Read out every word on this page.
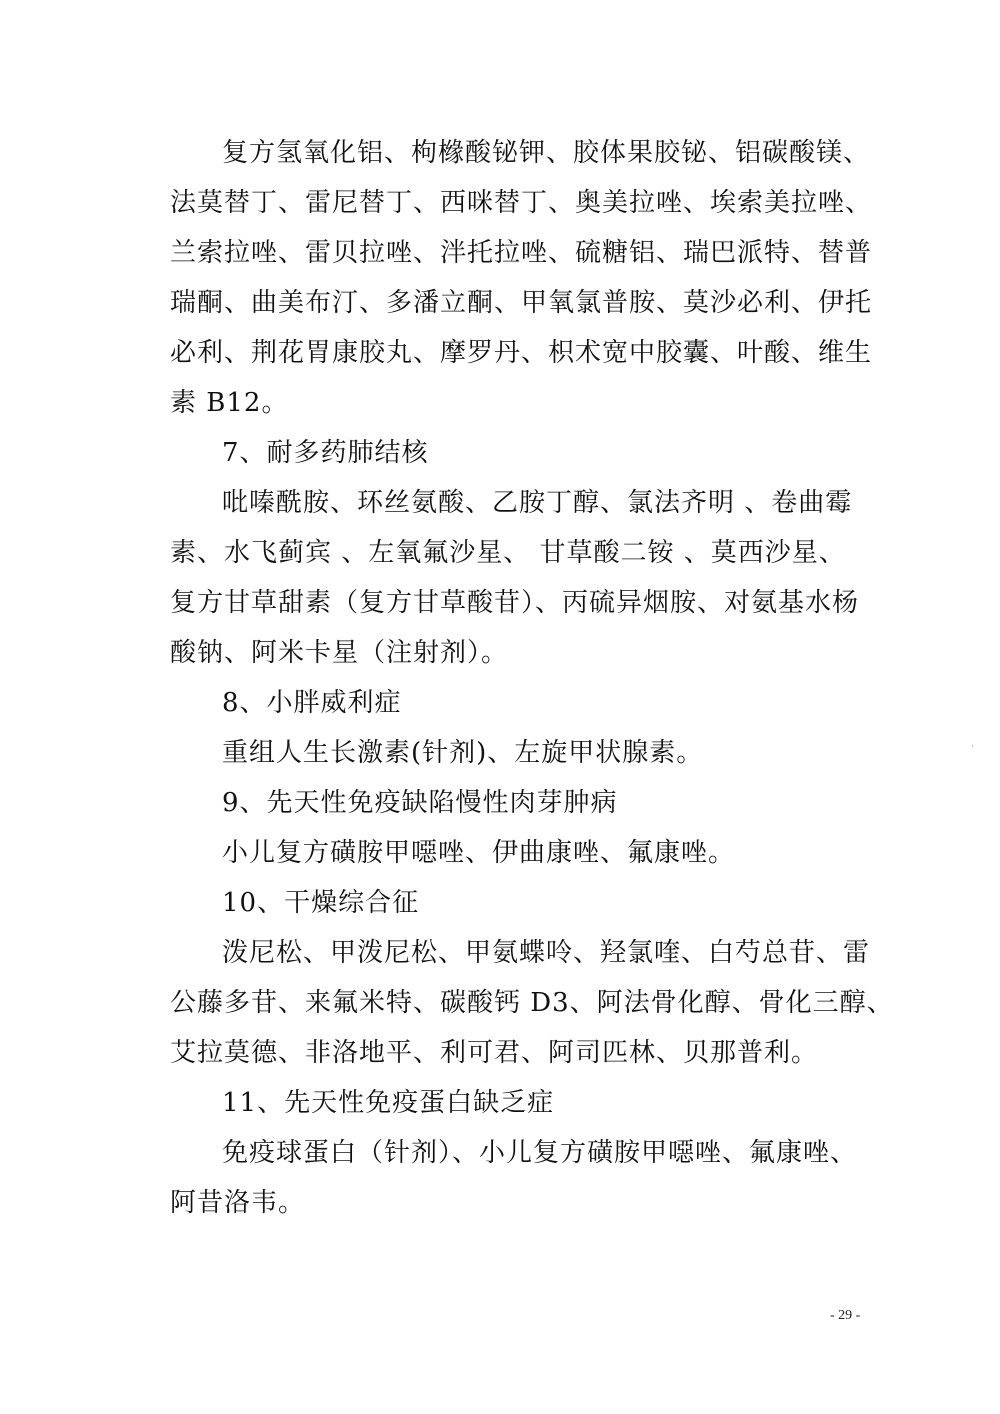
复方氢氧化铝、枸橼酸铋钾、胶体果胶铋、铝碳酸镁、
法莫替丁、雷尼替丁、西咪替丁、奥美拉唑、埃索美拉唑、
兰索拉唑、雷贝拉唑、泮托拉唑、硫糖铝、瑞巴派特、替普
瑞酮、曲美布汀、多潘立酮、甲氧氯普胺、莫沙必利、伊托
必利、荆花胃康胶丸、摩罗丹、枳术宽中胶囊、叶酸、维生
素 B12。
7、耐多药肺结核
吡嗪酰胺、环丝氨酸、乙胺丁醇、氯法齐明 、卷曲霉
素、水飞蓟宾 、左氧氟沙星、 甘草酸二铵 、莫西沙星、
复方甘草甜素（复方甘草酸苷）、丙硫异烟胺、对氨基水杨
酸钠、阿米卡星（注射剂）。
8、小胖威利症
重组人生长激素(针剂)、左旋甲状腺素。
9、先天性免疫缺陷慢性肉芽肿病
小儿复方磺胺甲噁唑、伊曲康唑、氟康唑。
10、干燥综合征
泼尼松、甲泼尼松、甲氨蝶呤、羟氯喹、白芍总苷、雷
公藤多苷、来氟米特、碳酸钙 D3、阿法骨化醇、骨化三醇、
艾拉莫德、非洛地平、利可君、阿司匹林、贝那普利。
11、先天性免疫蛋白缺乏症
免疫球蛋白（针剂）、小儿复方磺胺甲噁唑、氟康唑、
阿昔洛韦。
- 29 -
